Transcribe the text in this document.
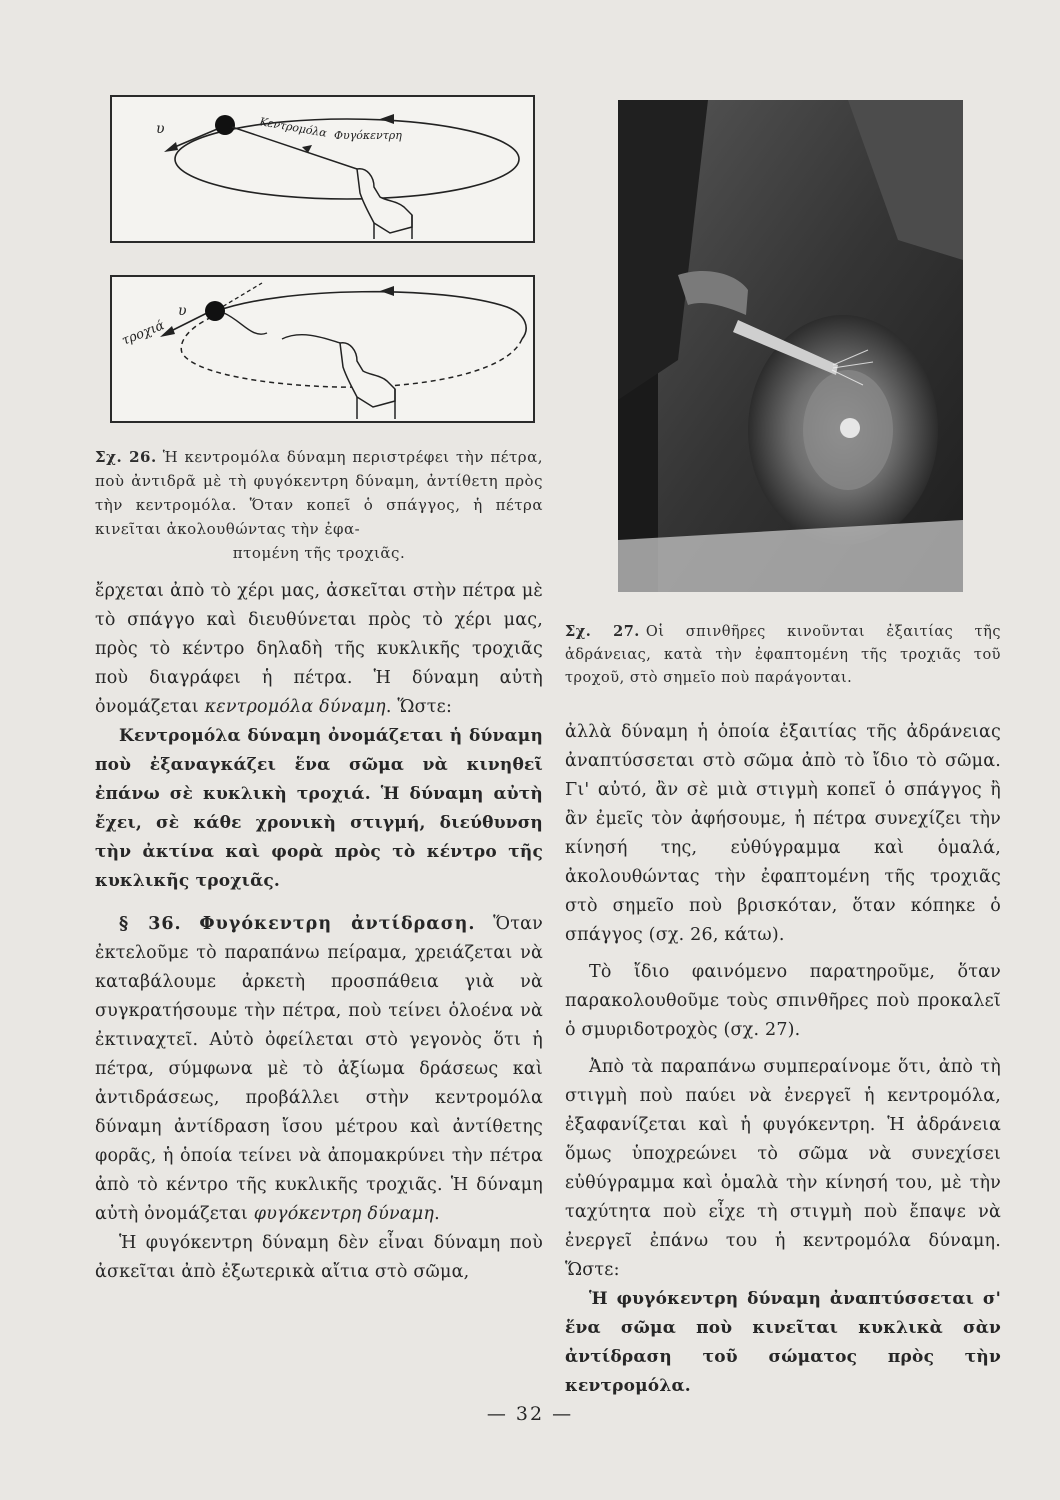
υ	Κεντρομόλα Φυγόκεντρη
τροχιά
υ
Σχ. 26. Ἡ κεντρομόλα δύναμη περιστρέφει τὴν πέτρα, ποὺ ἀντιδρᾶ μὲ τὴ φυγόκεντρη δύναμη, ἀντίθετη πρὸς τὴν κεντρομόλα. Ὅταν κοπεῖ ὁ σπάγγος, ἡ πέτρα κινεῖται ἀκολουθώντας τὴν ἐφα-
πτομένη τῆς τροχιᾶς.

ἔρχεται ἀπὸ τὸ χέρι μας, ἀσκεῖται στὴν πέτρα μὲ τὸ σπάγγο καὶ διευθύνεται πρὸς τὸ χέρι μας, πρὸς τὸ κέντρο δηλαδὴ τῆς κυκλικῆς τροχιᾶς ποὺ διαγράφει ἡ πέτρα. Ἡ δύναμη αὐτὴ ὀνομάζεται κεντρομόλα δύναμη. Ὥστε:

Κεντρομόλα δύναμη ὀνομάζεται ἡ δύναμη ποὺ ἐξαναγκάζει ἕνα σῶμα νὰ κινηθεῖ ἐπάνω σὲ κυκλικὴ τροχιά. Ἡ δύναμη αὐτὴ ἔχει, σὲ κάθε χρονικὴ στιγμή, διεύθυνση τὴν ἀκτίνα καὶ φορὰ πρὸς τὸ κέντρο τῆς κυκλικῆς τροχιᾶς.

§ 36. Φυγόκεντρη ἀντίδραση. Ὅταν ἐκτελοῦμε τὸ παραπάνω πείραμα, χρειάζεται νὰ καταβάλουμε ἀρκετὴ προσπάθεια γιὰ νὰ συγκρατήσουμε τὴν πέτρα, ποὺ τείνει ὁλοένα νὰ ἐκτιναχτεῖ. Αὐτὸ ὀφείλεται στὸ γεγονὸς ὅτι ἡ πέτρα, σύμφωνα μὲ τὸ ἀξίωμα δράσεως καὶ ἀντιδράσεως, προβάλλει στὴν κεντρομόλα δύναμη ἀντίδραση ἴσου μέτρου καὶ ἀντίθετης φορᾶς, ἡ ὁποία τείνει νὰ ἀπομακρύνει τὴν πέτρα ἀπὸ τὸ κέντρο τῆς κυκλικῆς τροχιᾶς. Ἡ δύναμη αὐτὴ ὀνομάζεται φυγόκεντρη δύναμη.

Ἡ φυγόκεντρη δύναμη δὲν εἶναι δύναμη ποὺ ἀσκεῖται ἀπὸ ἐξωτερικὰ αἴτια στὸ σῶμα,

Σχ. 27. Οἱ σπινθῆρες κινοῦνται ἐξαιτίας τῆς ἀδράνειας, κατὰ τὴν ἐφαπτομένη τῆς τροχιᾶς τοῦ τροχοῦ, στὸ σημεῖο ποὺ παράγονται.

ἀλλὰ δύναμη ἡ ὁποία ἐξαιτίας τῆς ἀδράνειας ἀναπτύσσεται στὸ σῶμα ἀπὸ τὸ ἴδιο τὸ σῶμα. Γι' αὐτό, ἂν σὲ μιὰ στιγμὴ κοπεῖ ὁ σπάγγος ἢ ἂν ἐμεῖς τὸν ἀφήσουμε, ἡ πέτρα συνεχίζει τὴν κίνησή της, εὐθύγραμμα καὶ ὁμαλά, ἀκολουθώντας τὴν ἐφαπτομένη τῆς τροχιᾶς στὸ σημεῖο ποὺ βρισκόταν, ὅταν κόπηκε ὁ σπάγγος (σχ. 26, κάτω).

Τὸ ἴδιο φαινόμενο παρατηροῦμε, ὅταν παρακολουθοῦμε τοὺς σπινθῆρες ποὺ προκαλεῖ ὁ σμυριδοτροχὸς (σχ. 27).

Ἀπὸ τὰ παραπάνω συμπεραίνομε ὅτι, ἀπὸ τὴ στιγμὴ ποὺ παύει νὰ ἐνεργεῖ ἡ κεντρομόλα, ἐξαφανίζεται καὶ ἡ φυγόκεντρη. Ἡ ἀδράνεια ὅμως ὑποχρεώνει τὸ σῶμα νὰ συνεχίσει εὐθύγραμμα καὶ ὁμαλὰ τὴν κίνησή του, μὲ τὴν ταχύτητα ποὺ εἶχε τὴ στιγμὴ ποὺ ἔπαψε νὰ ἐνεργεῖ ἐπάνω του ἡ κεντρομόλα δύναμη. Ὥστε:

Ἡ φυγόκεντρη δύναμη ἀναπτύσσεται σ' ἕνα σῶμα ποὺ κινεῖται κυκλικὰ σὰν ἀντίδραση τοῦ σώματος πρὸς τὴν κεντρομόλα.

— 32 —
